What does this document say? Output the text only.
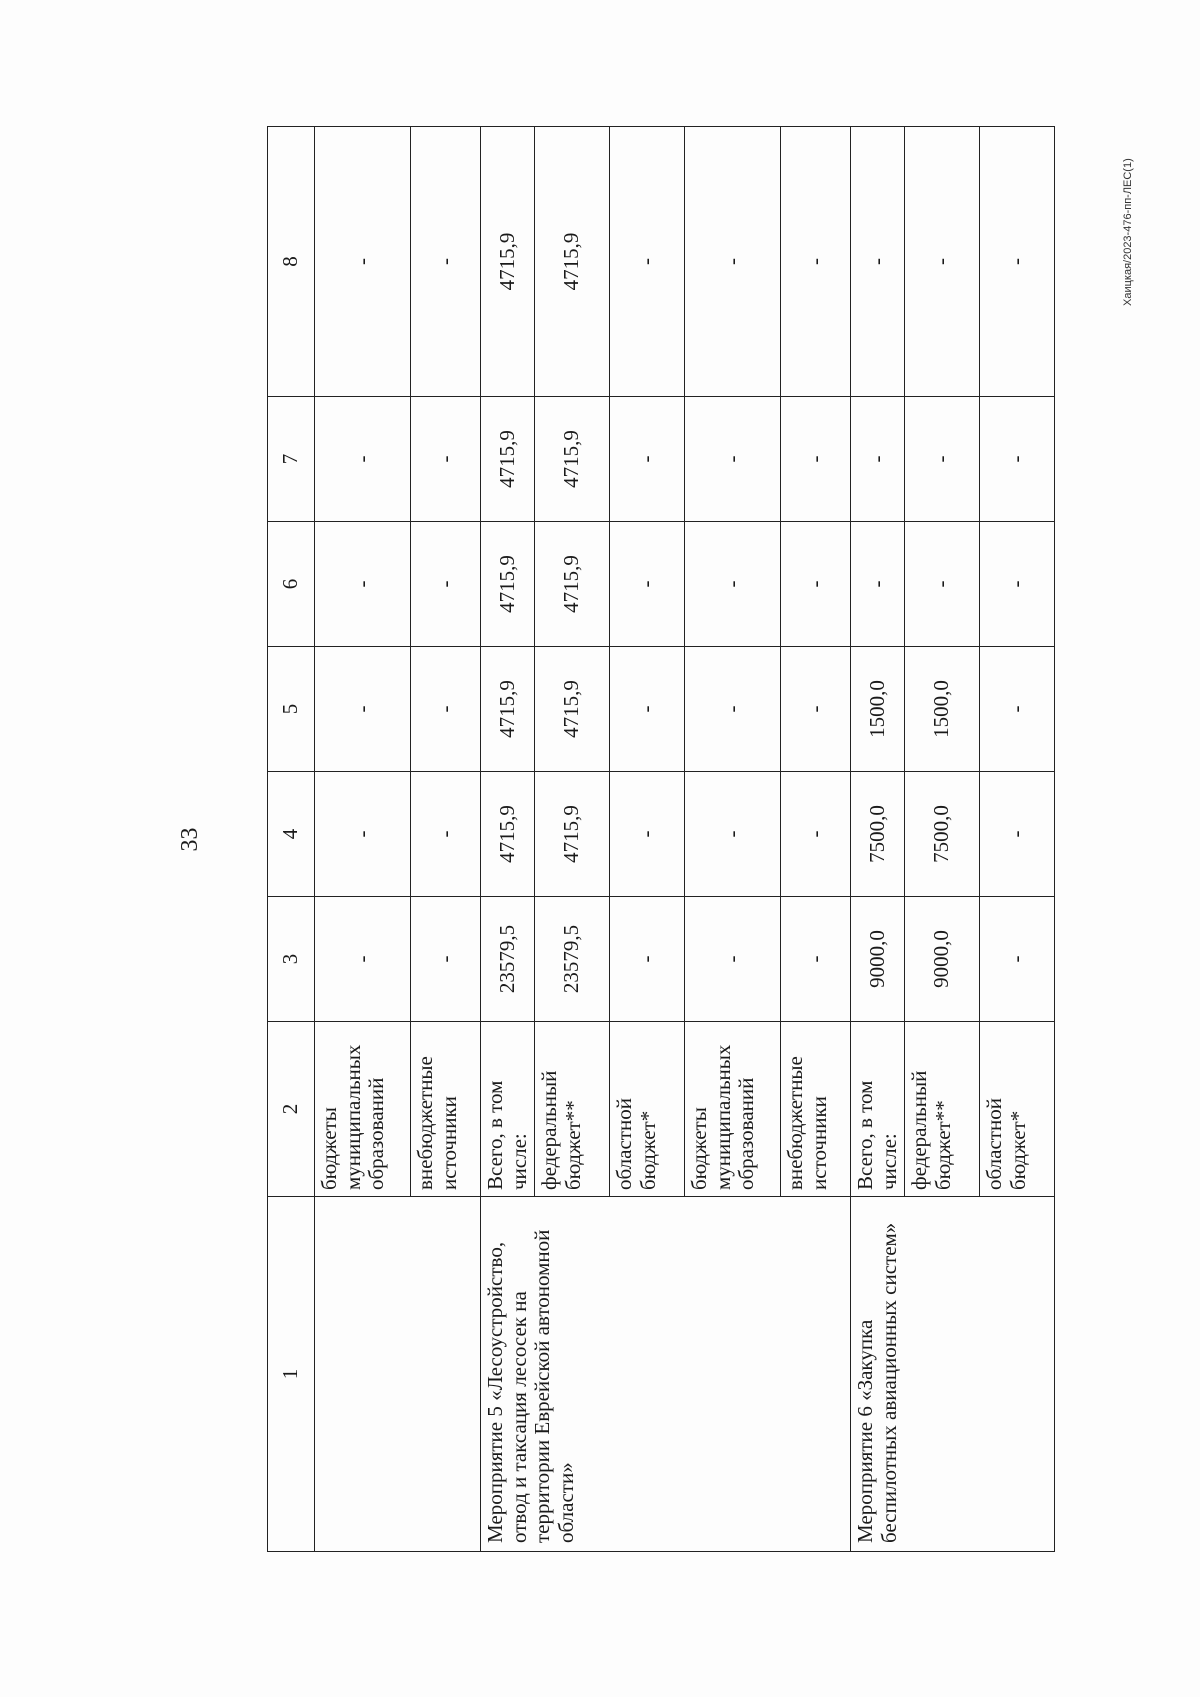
33
1	2	3	4	5	6	7	8
	бюджеты муниципальных образований	-	-	-	-	-	-
	внебюджетные источники	-	-	-	-	-	-
Мероприятие 5 «Лесоустройство, отвод и таксация лесосек на территории Еврейской автономной области»	Всего, в том числе:	23579,5	4715,9	4715,9	4715,9	4715,9	4715,9
	федеральный бюджет**	23579,5	4715,9	4715,9	4715,9	4715,9	4715,9
	областной бюджет*	-	-	-	-	-	-
	бюджеты муниципальных образований	-	-	-	-	-	-
	внебюджетные источники	-	-	-	-	-	-
Мероприятие 6 «Закупка беспилотных авиационных систем»	Всего, в том числе:	9000,0	7500,0	1500,0	-	-	-
	федеральный бюджет**	9000,0	7500,0	1500,0	-	-	-
	областной бюджет*	-	-	-	-	-	-	Хаицкая/2023-476-пп-ЛЕС(1)
